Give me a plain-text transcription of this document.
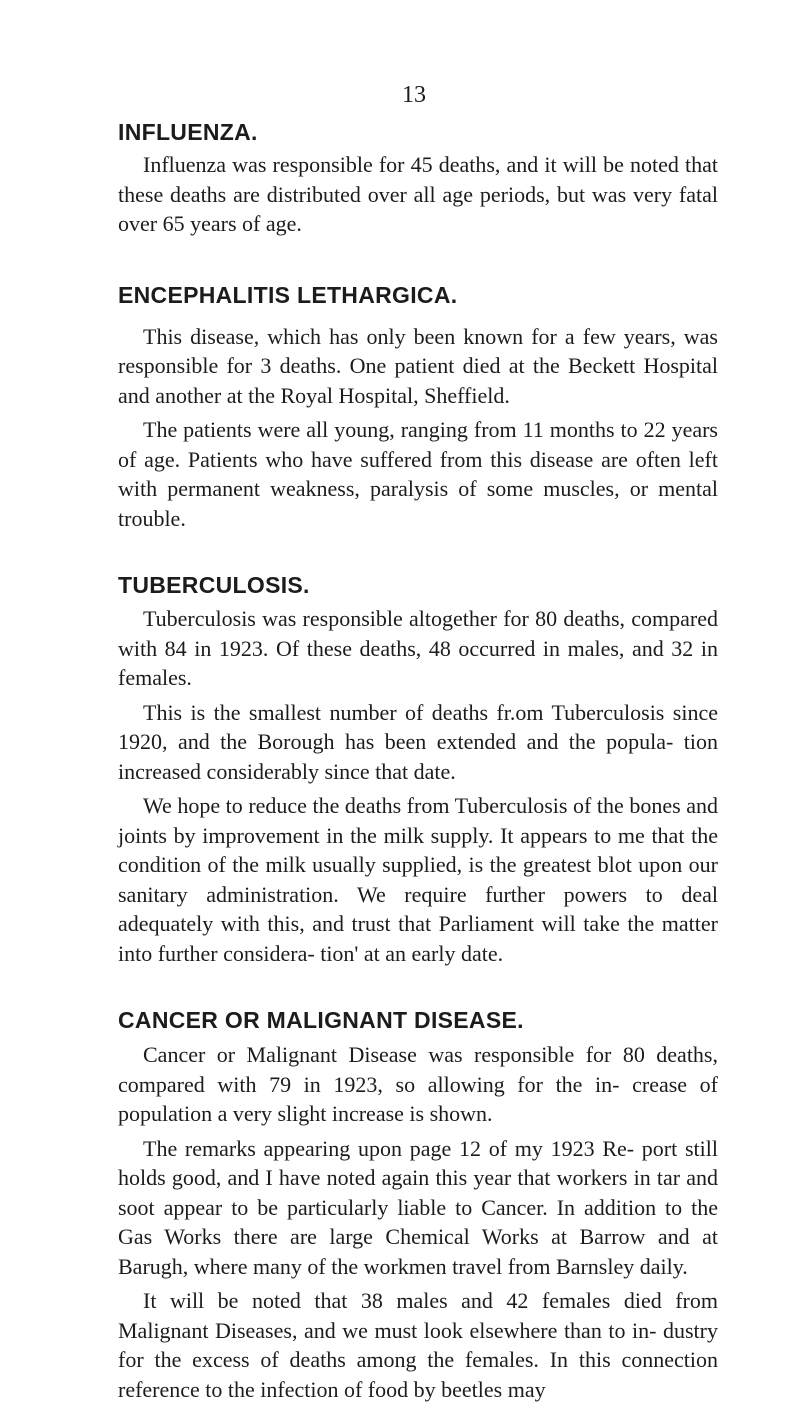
13
INFLUENZA.

Influenza was responsible for 45 deaths, and it will be noted that these deaths are distributed over all age periods, but was very fatal over 65 years of age.

ENCEPHALITIS LETHARGICA.

This disease, which has only been known for a few years, was responsible for 3 deaths. One patient died at the Beckett Hospital and another at the Royal Hospital, Sheffield.

The patients were all young, ranging from 11 months to 22 years of age. Patients who have suffered from this disease are often left with permanent weakness, paralysis of some muscles, or mental trouble.

TUBERCULOSIS.

Tuberculosis was responsible altogether for 80 deaths, compared with 84 in 1923. Of these deaths, 48 occurred in males, and 32 in females.

This is the smallest number of deaths fr.om Tuberculosis since 1920, and the Borough has been extended and the popula- tion increased considerably since that date.

We hope to reduce the deaths from Tuberculosis of the bones and joints by improvement in the milk supply. It appears to me that the condition of the milk usually supplied, is the greatest blot upon our sanitary administration. We require further powers to deal adequately with this, and trust that Parliament will take the matter into further considera- tion' at an early date.

CANCER OR MALIGNANT DISEASE.

Cancer or Malignant Disease was responsible for 80 deaths, compared with 79 in 1923, so allowing for the in- crease of population a very slight increase is shown.

The remarks appearing upon page 12 of my 1923 Re- port still holds good, and I have noted again this year that workers in tar and soot appear to be particularly liable to Cancer. In addition to the Gas Works there are large Chemical Works at Barrow and at Barugh, where many of the workmen travel from Barnsley daily.

It will be noted that 38 males and 42 females died from Malignant Diseases, and we must look elsewhere than to in- dustry for the excess of deaths among the females. In this connection reference to the infection of food by beetles may
